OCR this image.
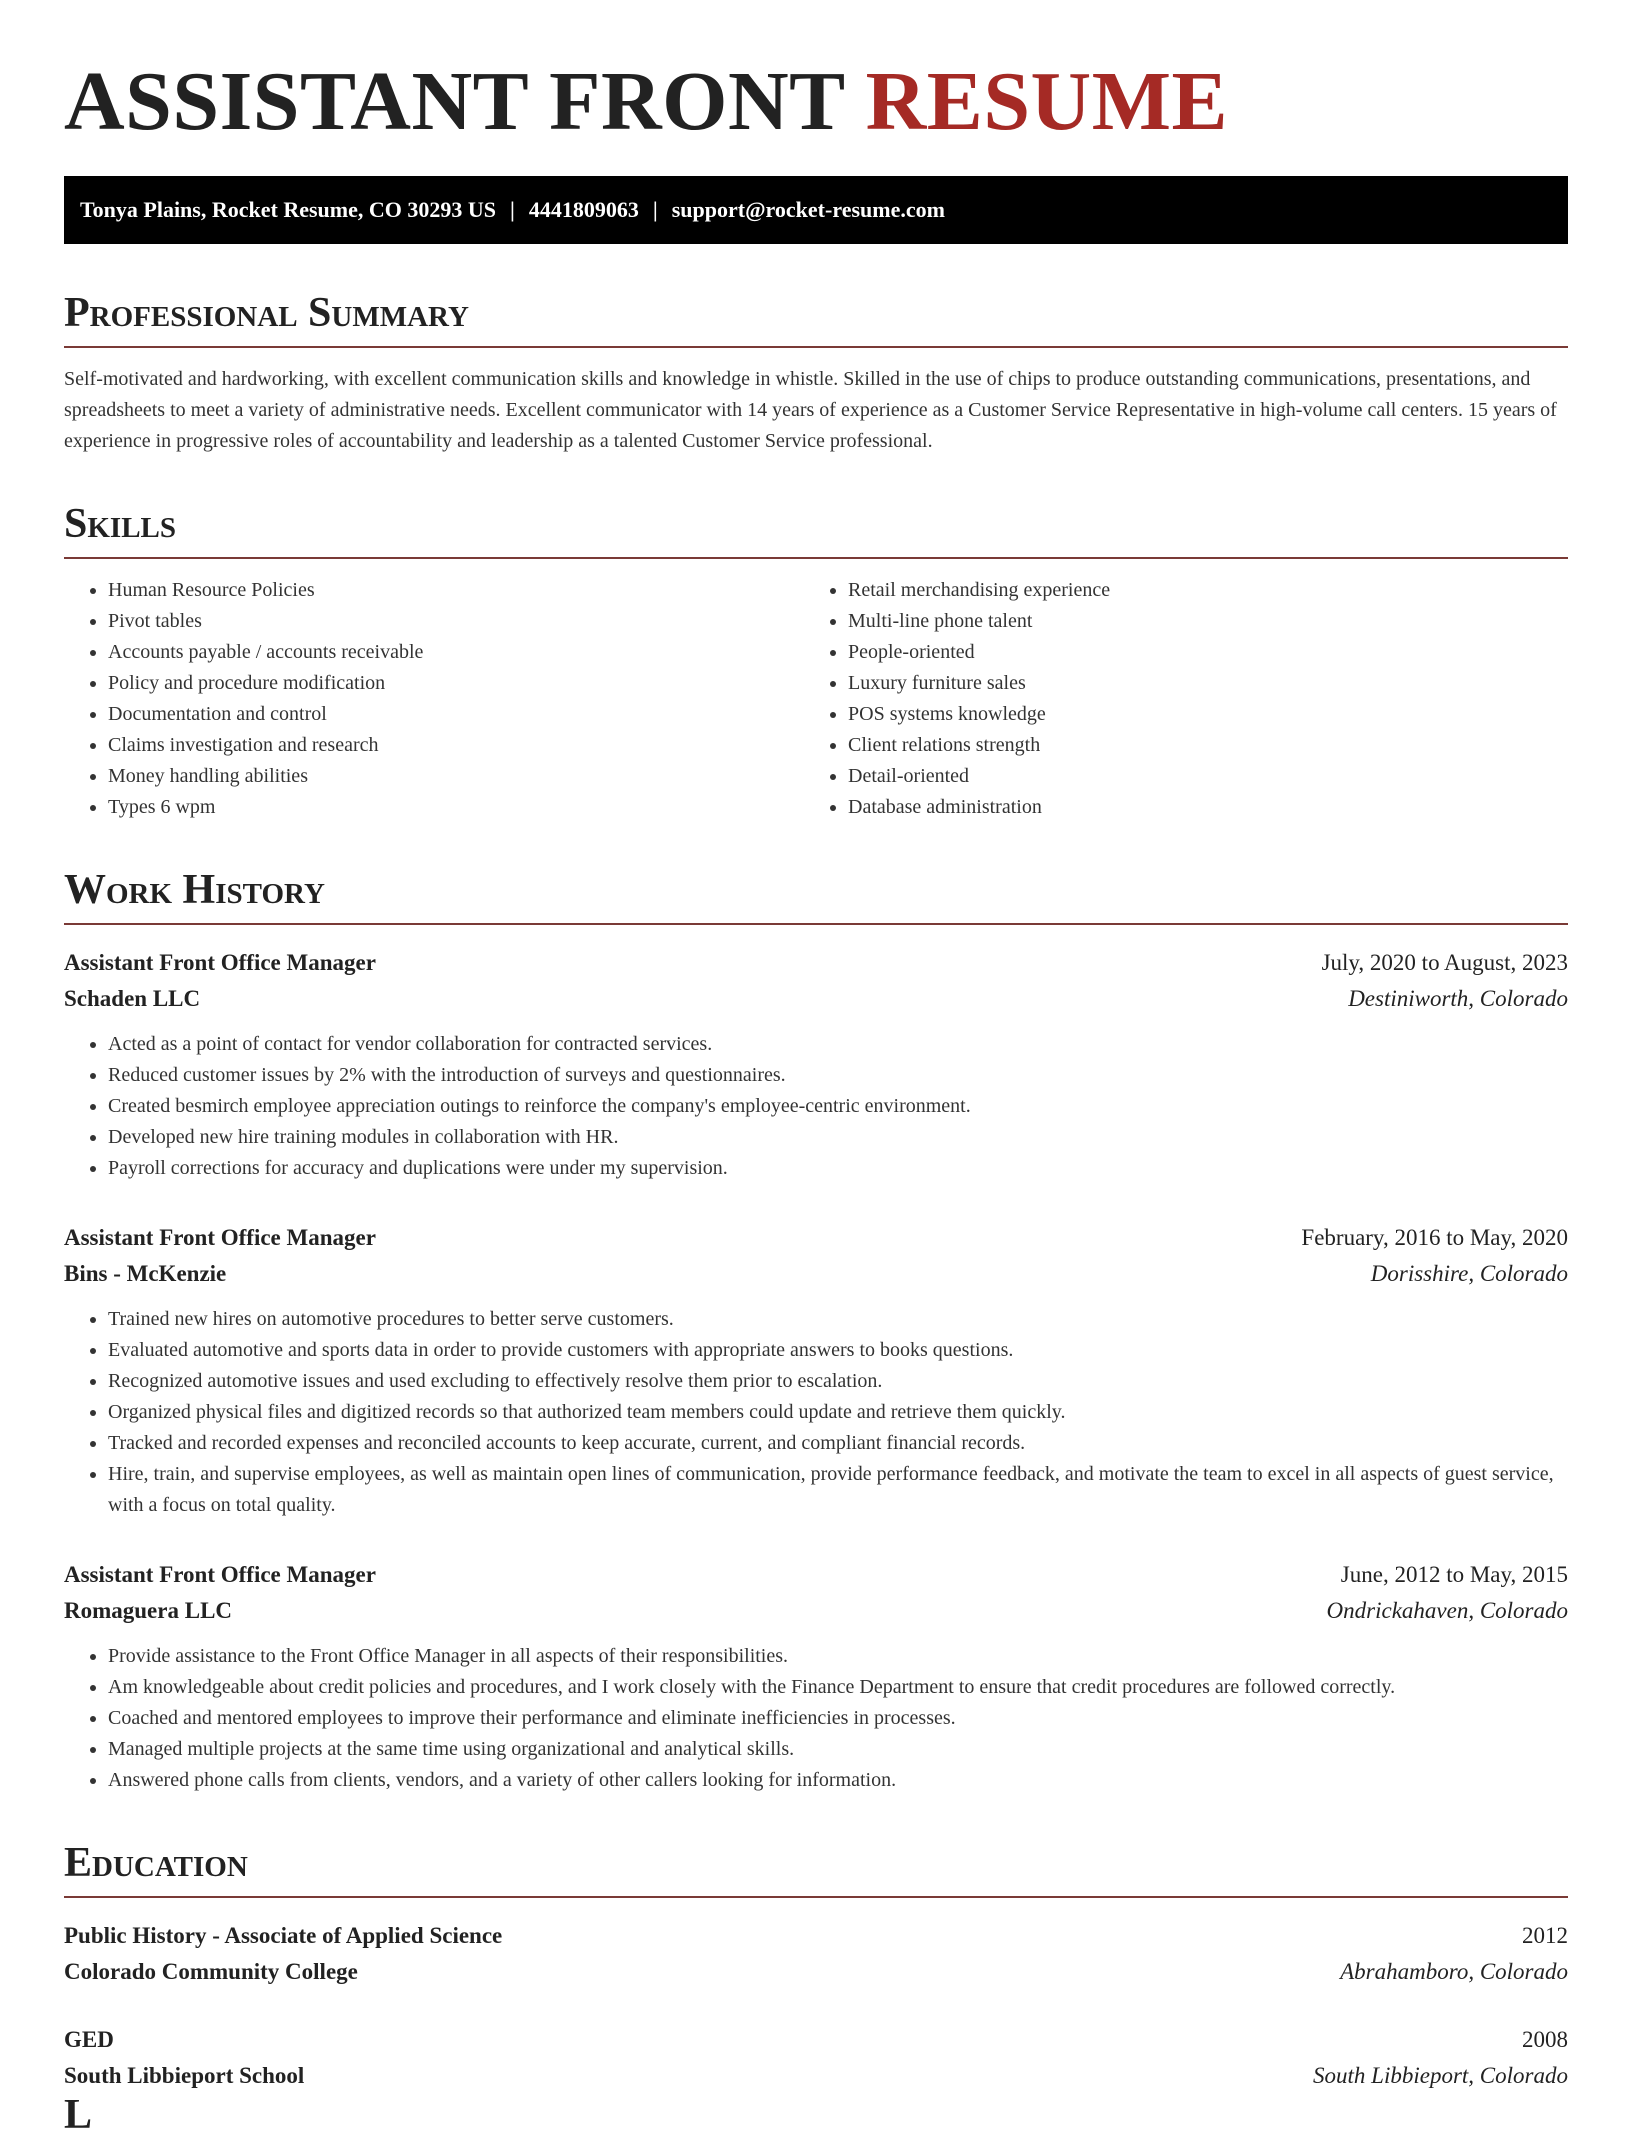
ASSISTANT FRONT RESUME
Tonya Plains, Rocket Resume, CO 30293 US | 4441809063 | support@rocket-resume.com
Professional Summary

Self-motivated and hardworking, with excellent communication skills and knowledge in whistle. Skilled in the use of chips to produce outstanding communications, presentations, and spreadsheets to meet a variety of administrative needs. Excellent communicator with 14 years of experience as a Customer Service Representative in high-volume call centers. 15 years of experience in progressive roles of accountability and leadership as a talented Customer Service professional.

Skills
• Human Resource Policies
• Pivot tables
• Accounts payable / accounts receivable
• Policy and procedure modification
• Documentation and control
• Claims investigation and research
• Money handling abilities
• Types 6 wpm
• Retail merchandising experience
• Multi-line phone talent
• People-oriented
• Luxury furniture sales
• POS systems knowledge
• Client relations strength
• Detail-oriented
• Database administration
Work History
Assistant Front Office Manager	July, 2020 to August, 2023
Schaden LLC	Destiniworth, Colorado
• Acted as a point of contact for vendor collaboration for contracted services.
• Reduced customer issues by 2% with the introduction of surveys and questionnaires.
• Created besmirch employee appreciation outings to reinforce the company's employee-centric environment.
• Developed new hire training modules in collaboration with HR.
• Payroll corrections for accuracy and duplications were under my supervision.
Assistant Front Office Manager	February, 2016 to May, 2020
Bins - McKenzie	Dorisshire, Colorado
• Trained new hires on automotive procedures to better serve customers.
• Evaluated automotive and sports data in order to provide customers with appropriate answers to books questions.
• Recognized automotive issues and used excluding to effectively resolve them prior to escalation.
• Organized physical files and digitized records so that authorized team members could update and retrieve them quickly.
• Tracked and recorded expenses and reconciled accounts to keep accurate, current, and compliant financial records.
• Hire, train, and supervise employees, as well as maintain open lines of communication, provide performance feedback, and motivate the team to excel in all aspects of guest service, with a focus on total quality.
Assistant Front Office Manager	June, 2012 to May, 2015
Romaguera LLC	Ondrickahaven, Colorado
• Provide assistance to the Front Office Manager in all aspects of their responsibilities.
• Am knowledgeable about credit policies and procedures, and I work closely with the Finance Department to ensure that credit procedures are followed correctly.
• Coached and mentored employees to improve their performance and eliminate inefficiencies in processes.
• Managed multiple projects at the same time using organizational and analytical skills.
• Answered phone calls from clients, vendors, and a variety of other callers looking for information.
Education
Public History - Associate of Applied Science	2012
Colorado Community College	Abrahamboro, Colorado
GED	2008
South Libbieport School	South Libbieport, Colorado
L
